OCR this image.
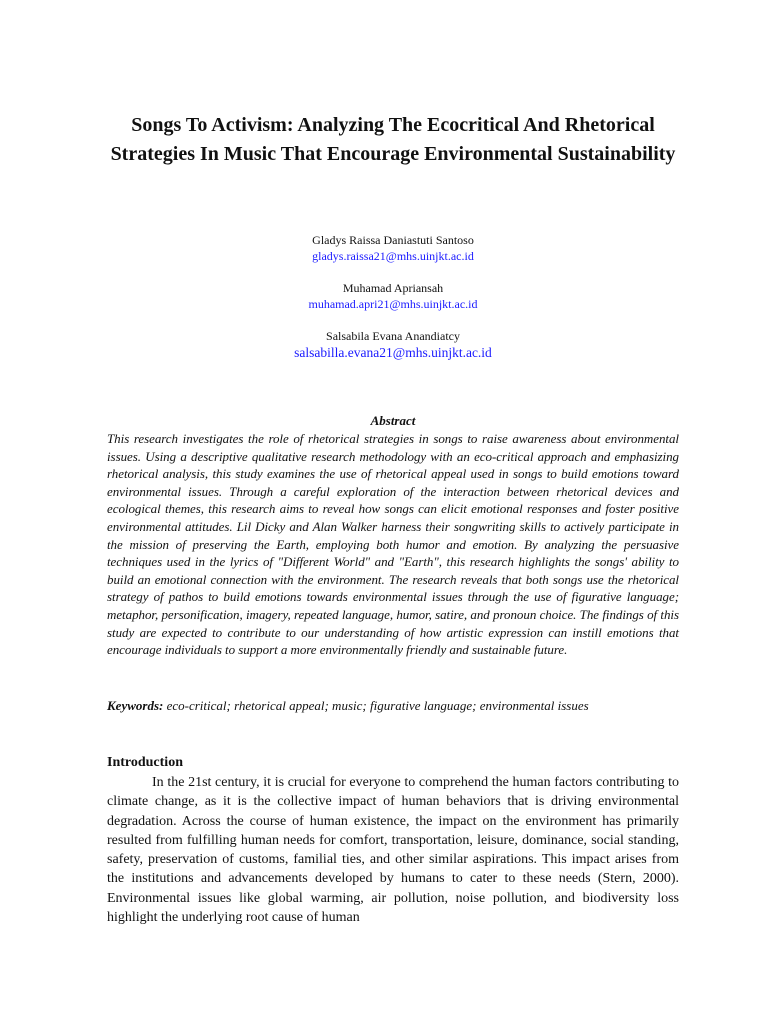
Songs To Activism: Analyzing The Ecocritical And Rhetorical Strategies In Music That Encourage Environmental Sustainability
Gladys Raissa Daniastuti Santoso
gladys.raissa21@mhs.uinjkt.ac.id
Muhamad Apriansah
muhamad.apri21@mhs.uinjkt.ac.id
Salsabila Evana Anandiatcy
salsabilla.evana21@mhs.uinjkt.ac.id
Abstract
This research investigates the role of rhetorical strategies in songs to raise awareness about environmental issues. Using a descriptive qualitative research methodology with an eco-critical approach and emphasizing rhetorical analysis, this study examines the use of rhetorical appeal used in songs to build emotions toward environmental issues. Through a careful exploration of the interaction between rhetorical devices and ecological themes, this research aims to reveal how songs can elicit emotional responses and foster positive environmental attitudes. Lil Dicky and Alan Walker harness their songwriting skills to actively participate in the mission of preserving the Earth, employing both humor and emotion. By analyzing the persuasive techniques used in the lyrics of "Different World" and "Earth", this research highlights the songs' ability to build an emotional connection with the environment. The research reveals that both songs use the rhetorical strategy of pathos to build emotions towards environmental issues through the use of figurative language; metaphor, personification, imagery, repeated language, humor, satire, and pronoun choice. The findings of this study are expected to contribute to our understanding of how artistic expression can instill emotions that encourage individuals to support a more environmentally friendly and sustainable future.
Keywords: eco-critical; rhetorical appeal; music; figurative language; environmental issues
Introduction
In the 21st century, it is crucial for everyone to comprehend the human factors contributing to climate change, as it is the collective impact of human behaviors that is driving environmental degradation. Across the course of human existence, the impact on the environment has primarily resulted from fulfilling human needs for comfort, transportation, leisure, dominance, social standing, safety, preservation of customs, familial ties, and other similar aspirations. This impact arises from the institutions and advancements developed by humans to cater to these needs (Stern, 2000). Environmental issues like global warming, air pollution, noise pollution, and biodiversity loss highlight the underlying root cause of human
